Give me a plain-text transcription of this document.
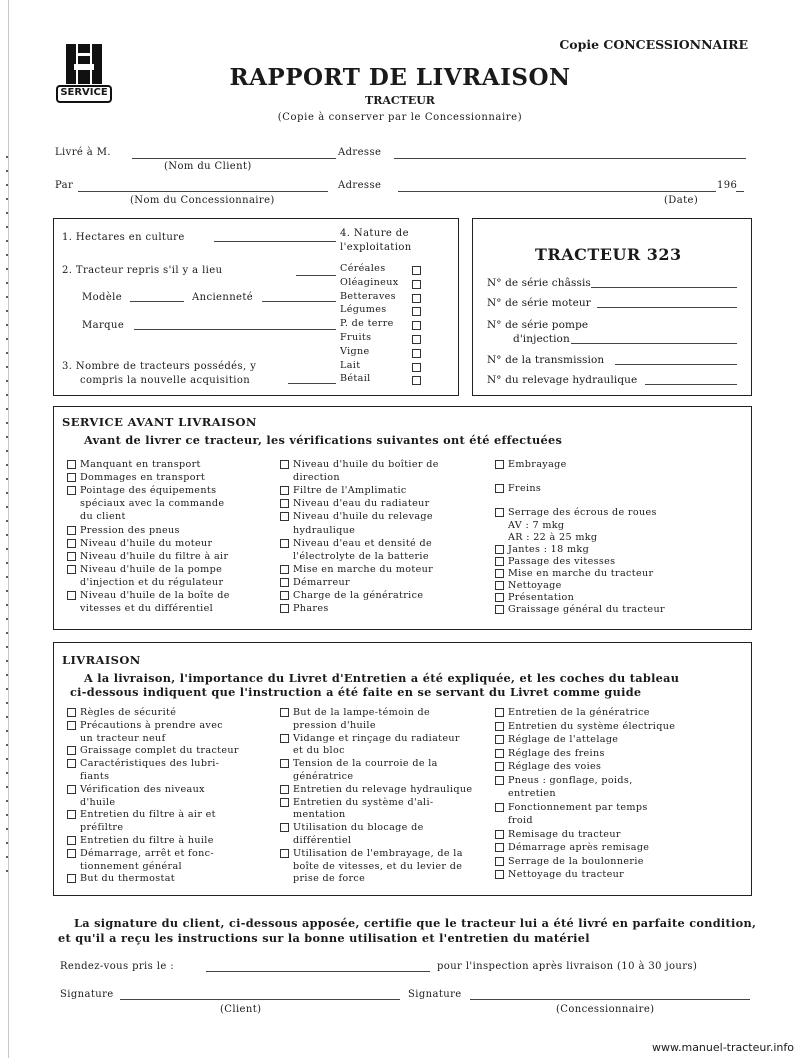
SERVICE
Copie CONCESSIONNAIRE
RAPPORT DE LIVRAISON
TRACTEUR
(Copie à conserver par le Concessionnaire)
Livré à M.	Adresse
(Nom du Client)
Par	Adresse	196
(Nom du Concessionnaire)	(Date)
1. Hectares en culture	4. Nature de
l'exploitation
2. Tracteur repris s'il y a lieu
Modèle	Ancienneté
Marque
3. Nombre de tracteurs possédés, y
compris la nouvelle acquisition
Céréales
Oléagineux
Betteraves
Légumes
P. de terre
Fruits
Vigne
Lait
Bétail
TRACTEUR 323
N° de série châssis
N° de série moteur
N° de série pompe
d'injection
N° de la transmission
N° du relevage hydraulique
SERVICE AVANT LIVRAISON
Avant de livrer ce tracteur, les vérifications suivantes ont été effectuées
Manquant en transport
Dommages en transport
Pointage des équipements
spéciaux avec la commande
du client
Pression des pneus
Niveau d'huile du moteur
Niveau d'huile du filtre à air
Niveau d'huile de la pompe
d'injection et du régulateur
Niveau d'huile de la boîte de
vitesses et du différentiel
Niveau d'huile du boîtier de
direction
Filtre de l'Amplimatic
Niveau d'eau du radiateur
Niveau d'huile du relevage
hydraulique
Niveau d'eau et densité de
l'électrolyte de la batterie
Mise en marche du moteur
Démarreur
Charge de la génératrice
Phares
Embrayage
Freins
Serrage des écrous de roues
AV : 7 mkg
AR : 22 à 25 mkg
Jantes : 18 mkg
Passage des vitesses
Mise en marche du tracteur
Nettoyage
Présentation
Graissage général du tracteur
LIVRAISON
A la livraison, l'importance du Livret d'Entretien a été expliquée, et les coches du tableau
ci-dessous indiquent que l'instruction a été faite en se servant du Livret comme guide
Règles de sécurité
Précautions à prendre avec
un tracteur neuf
Graissage complet du tracteur
Caractéristiques des lubri-
fiants
Vérification des niveaux
d'huile
Entretien du filtre à air et
préfiltre
Entretien du filtre à huile
Démarrage, arrêt et fonc-
tionnement général
But du thermostat
But de la lampe-témoin de
pression d'huile
Vidange et rinçage du radiateur
et du bloc
Tension de la courroie de la
génératrice
Entretien du relevage hydraulique
Entretien du système d'ali-
mentation
Utilisation du blocage de
différentiel
Utilisation de l'embrayage, de la
boîte de vitesses, et du levier de
prise de force
Entretien de la génératrice
Entretien du système électrique
Réglage de l'attelage
Réglage des freins
Réglage des voies
Pneus : gonflage, poids,
entretien
Fonctionnement par temps
froid
Remisage du tracteur
Démarrage après remisage
Serrage de la boulonnerie
Nettoyage du tracteur
La signature du client, ci-dessous apposée, certifie que le tracteur lui a été livré en parfaite condition,
et qu'il a reçu les instructions sur la bonne utilisation et l'entretien du matériel
Rendez-vous pris le :	pour l'inspection après livraison (10 à 30 jours)
Signature	Signature
(Client)	(Concessionnaire)
www.manuel-tracteur.info
